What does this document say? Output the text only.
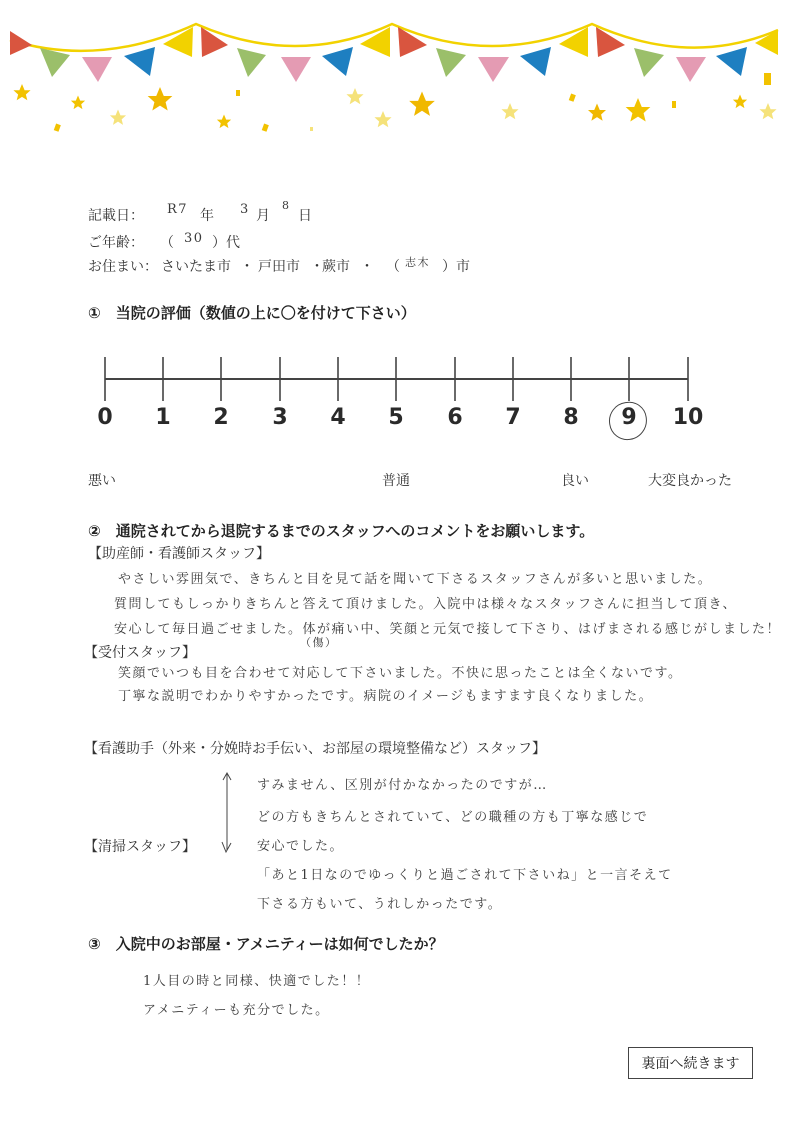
記載日： R7 年 3 月
8
日
ご年齢： （ 30 ）代
お住まい： さいたま市 ・ 戸田市 ・
蕨市 ・ （ 志木 ）市
①　当院の評価（数値の上に〇を付けて下さい）
0 1 2 3 4 5 6 7 8 9 10
悪い	普通	良い	大変良かった
②　通院されてから退院するまでのスタッフへのコメントをお願いします。
【助産師・看護師スタッフ】
やさしい雰囲気で、きちんと目を見て話を聞いて下さるスタッフさんが多いと思いました。
質問してもしっかりきちんと答えて頂けました。入院中は様々なスタッフさんに担当して頂き、
安心して毎日過ごせました。体が痛い中、笑顔と元気で接して下さり、はげまされる感じがしました！
（傷）
【受付スタッフ】
笑顔でいつも目を合わせて対応して下さいました。不快に思ったことは全くないです。
丁寧な説明でわかりやすかったです。病院のイメージもますます良くなりました。
【看護助手（外来・分娩時お手伝い、お部屋の環境整備など）スタッフ】
【清掃スタッフ】
すみません、区別が付かなかったのですが…
どの方もきちんとされていて、どの職種の方も丁寧な感じで
安心でした。
「あと1日なのでゆっくりと過ごされて下さいね」と一言そえて
下さる方もいて、うれしかったです。
③　入院中のお部屋・アメニティーは如何でしたか？
1人目の時と同様、快適でした！！
アメニティーも充分でした。
裏面へ続きます
